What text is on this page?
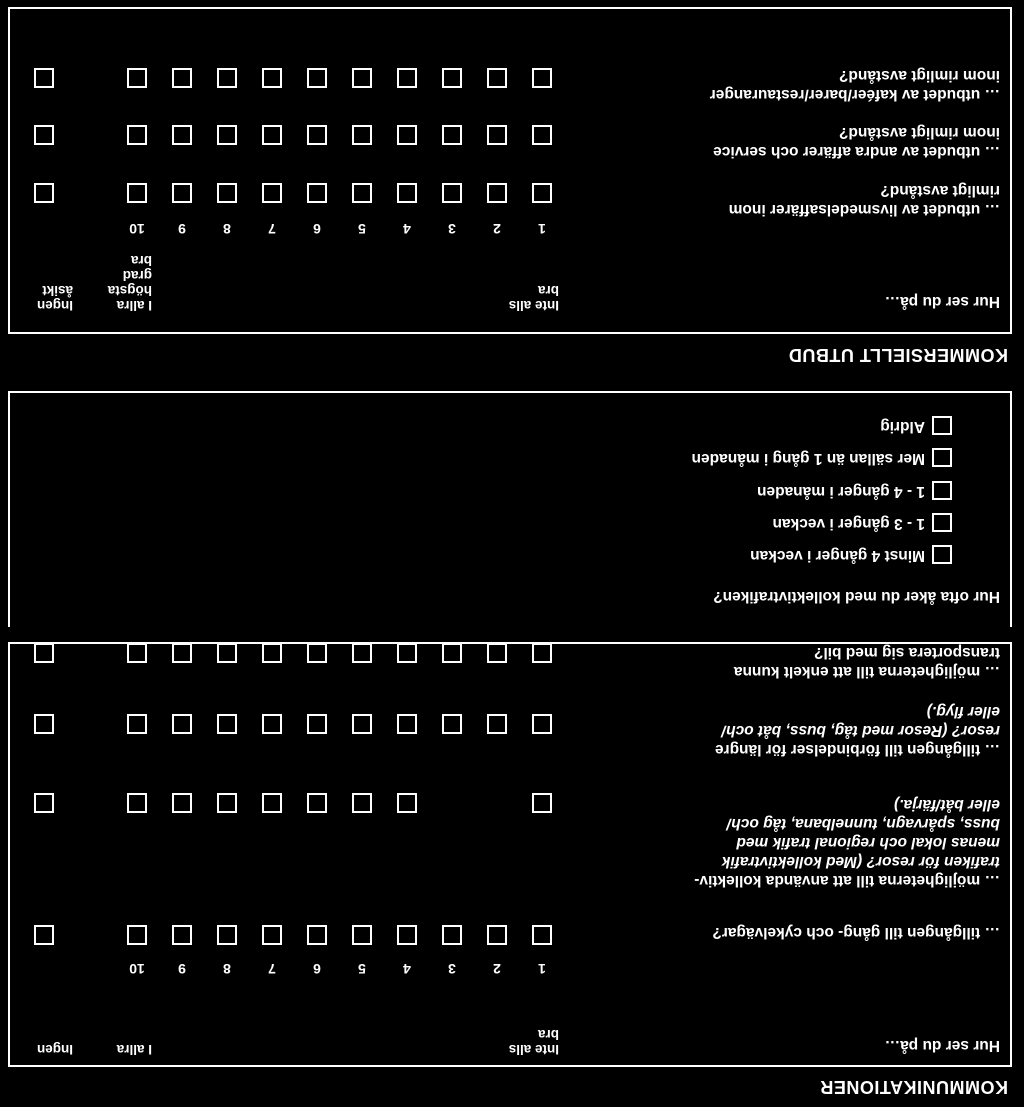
KOMMUNIKATIONER
Hur ser du på…
Inte alls
bra
I allra
Ingen
1
2
3
4
5
6
7
8
9
10
… tillgången till gång- och cykelvägar?
… möjligheterna till att använda kollektiv-
trafiken för resor? (Med kollektivtrafik
menas lokal och regional trafik med
buss, spårvagn, tunnelbana, tåg och/
eller båt/färja.)
… tillgången till förbindelser för längre
resor? (Resor med tåg, buss, båt och/
eller flyg.)
… möjligheterna till att enkelt kunna
transportera sig med bil?
Hur ofta åker du med kollektivtrafiken?
Minst 4 gånger i veckan
1 - 3 gånger i veckan
1 - 4 gånger i månaden
Mer sällan än 1 gång i månaden
Aldrig
KOMMERSIELLT UTBUD
Hur ser du på…
Inte alls
bra
I allra
högsta
grad
bra
Ingen
åsikt
1
2
3
4
5
6
7
8
9
10
… utbudet av livsmedelsaffärer inom
rimligt avstånd?
… utbudet av andra affärer och service
inom rimligt avstånd?
… utbudet av kaféer/barer/restauranger
inom rimligt avstånd?
